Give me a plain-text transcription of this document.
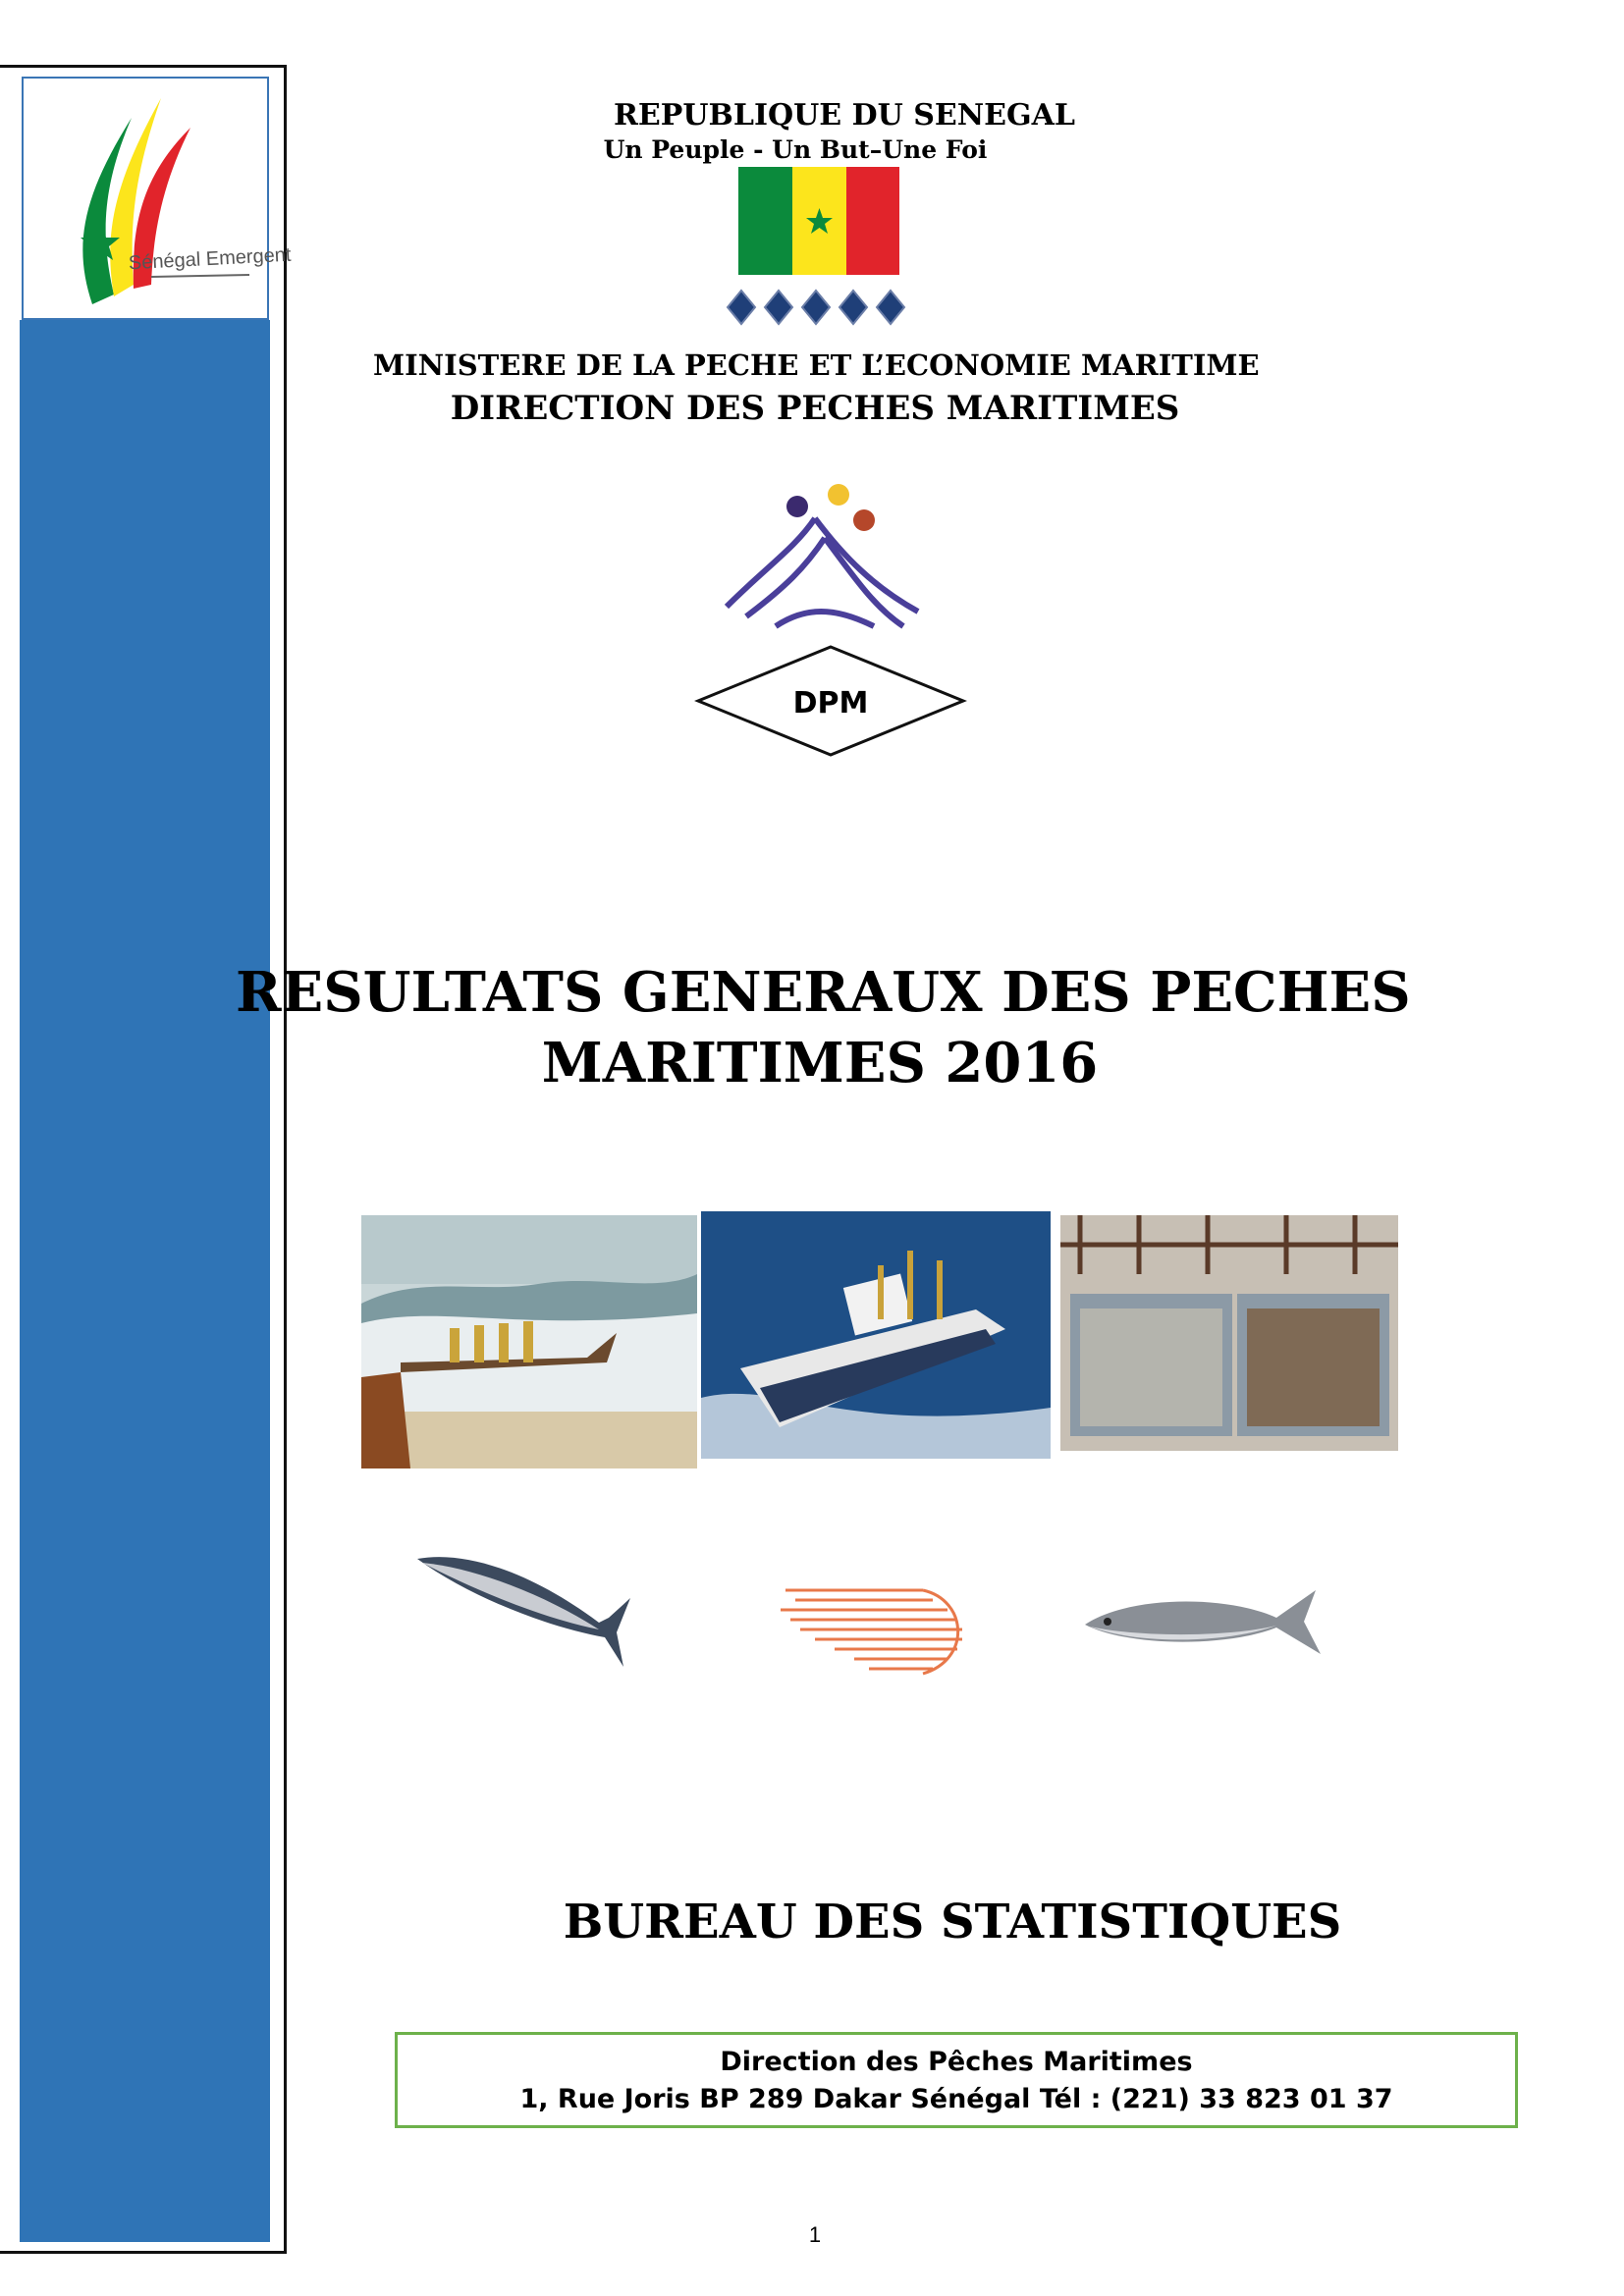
Sénégal Emergent
REPUBLIQUE DU SENEGAL
Un Peuple - Un But–Une Foi
MINISTERE DE LA PECHE ET L’ECONOMIE MARITIME
DIRECTION DES PECHES MARITIMES
DPM
RESULTATS GENERAUX DES PECHES
MARITIMES 2016
BUREAU DES STATISTIQUES
Direction des Pêches Maritimes
1, Rue Joris BP 289 Dakar Sénégal Tél : (221) 33 823 01 37
1
